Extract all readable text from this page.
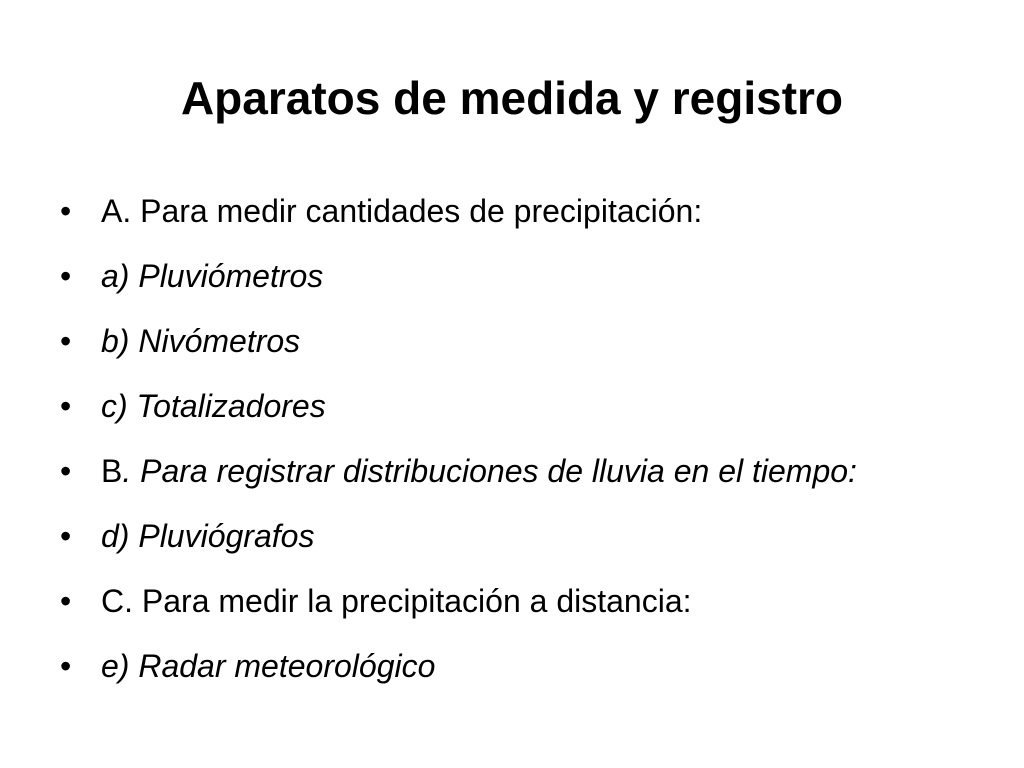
Aparatos de medida y registro
• A. Para medir cantidades de precipitación:
• a) Pluviómetros
• b) Nivómetros
• c) Totalizadores
• B. Para registrar distribuciones de lluvia en el tiempo:
• d) Pluviógrafos
• C. Para medir la precipitación a distancia:
• e) Radar meteorológico
